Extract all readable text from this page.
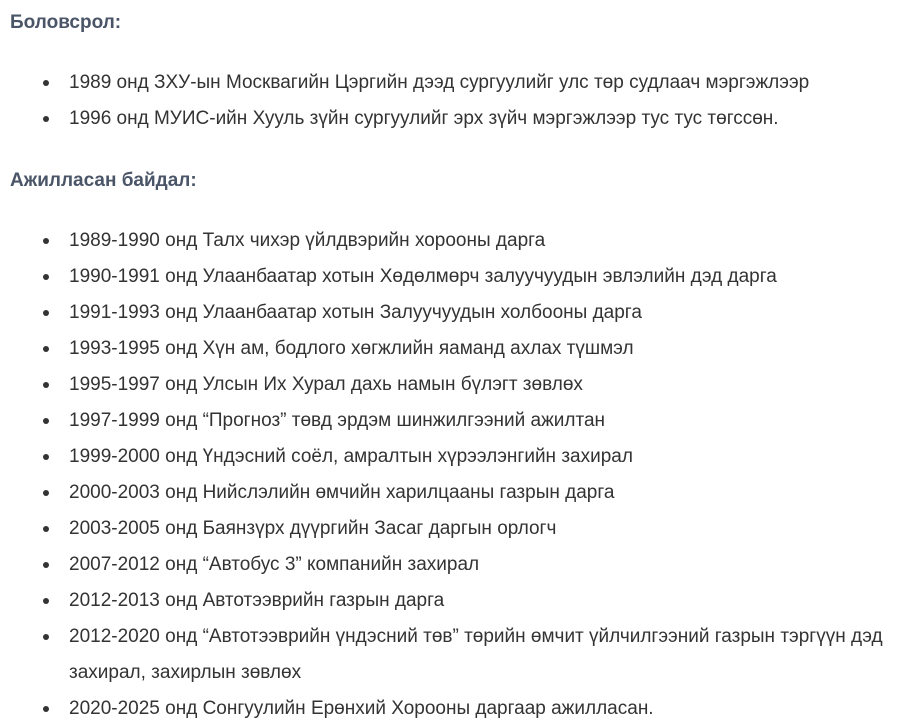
Боловсрол:
1989 онд ЗХУ-ын Москвагийн Цэргийн дээд сургуулийг улс төр судлаач мэргэжлээр
1996 онд МУИС-ийн Хууль зүйн сургуулийг эрх зүйч мэргэжлээр тус тус төгссөн.
Ажилласан байдал:
1989-1990 онд Талх чихэр үйлдвэрийн хорооны дарга
1990-1991 онд Улаанбаатар хотын Хөдөлмөрч залуучуудын эвлэлийн дэд дарга
1991-1993 онд Улаанбаатар хотын Залуучуудын холбооны дарга
1993-1995 онд Хүн ам, бодлого хөгжлийн яаманд ахлах түшмэл
1995-1997 онд Улсын Их Хурал дахь намын бүлэгт зөвлөх
1997-1999 онд “Прогноз” төвд эрдэм шинжилгээний ажилтан
1999-2000 онд Үндэсний соёл, амралтын хүрээлэнгийн захирал
2000-2003 онд Нийслэлийн өмчийн харилцааны газрын дарга
2003-2005 онд Баянзүрх дүүргийн Засаг даргын орлогч
2007-2012 онд “Автобус 3” компанийн захирал
2012-2013 онд Автотээврийн газрын дарга
2012-2020 онд “Автотээврийн үндэсний төв” төрийн өмчит үйлчилгээний газрын тэргүүн дэд захирал, захирлын зөвлөх
2020-2025 онд Сонгуулийн Ерөнхий Хорооны даргаар ажилласан.
